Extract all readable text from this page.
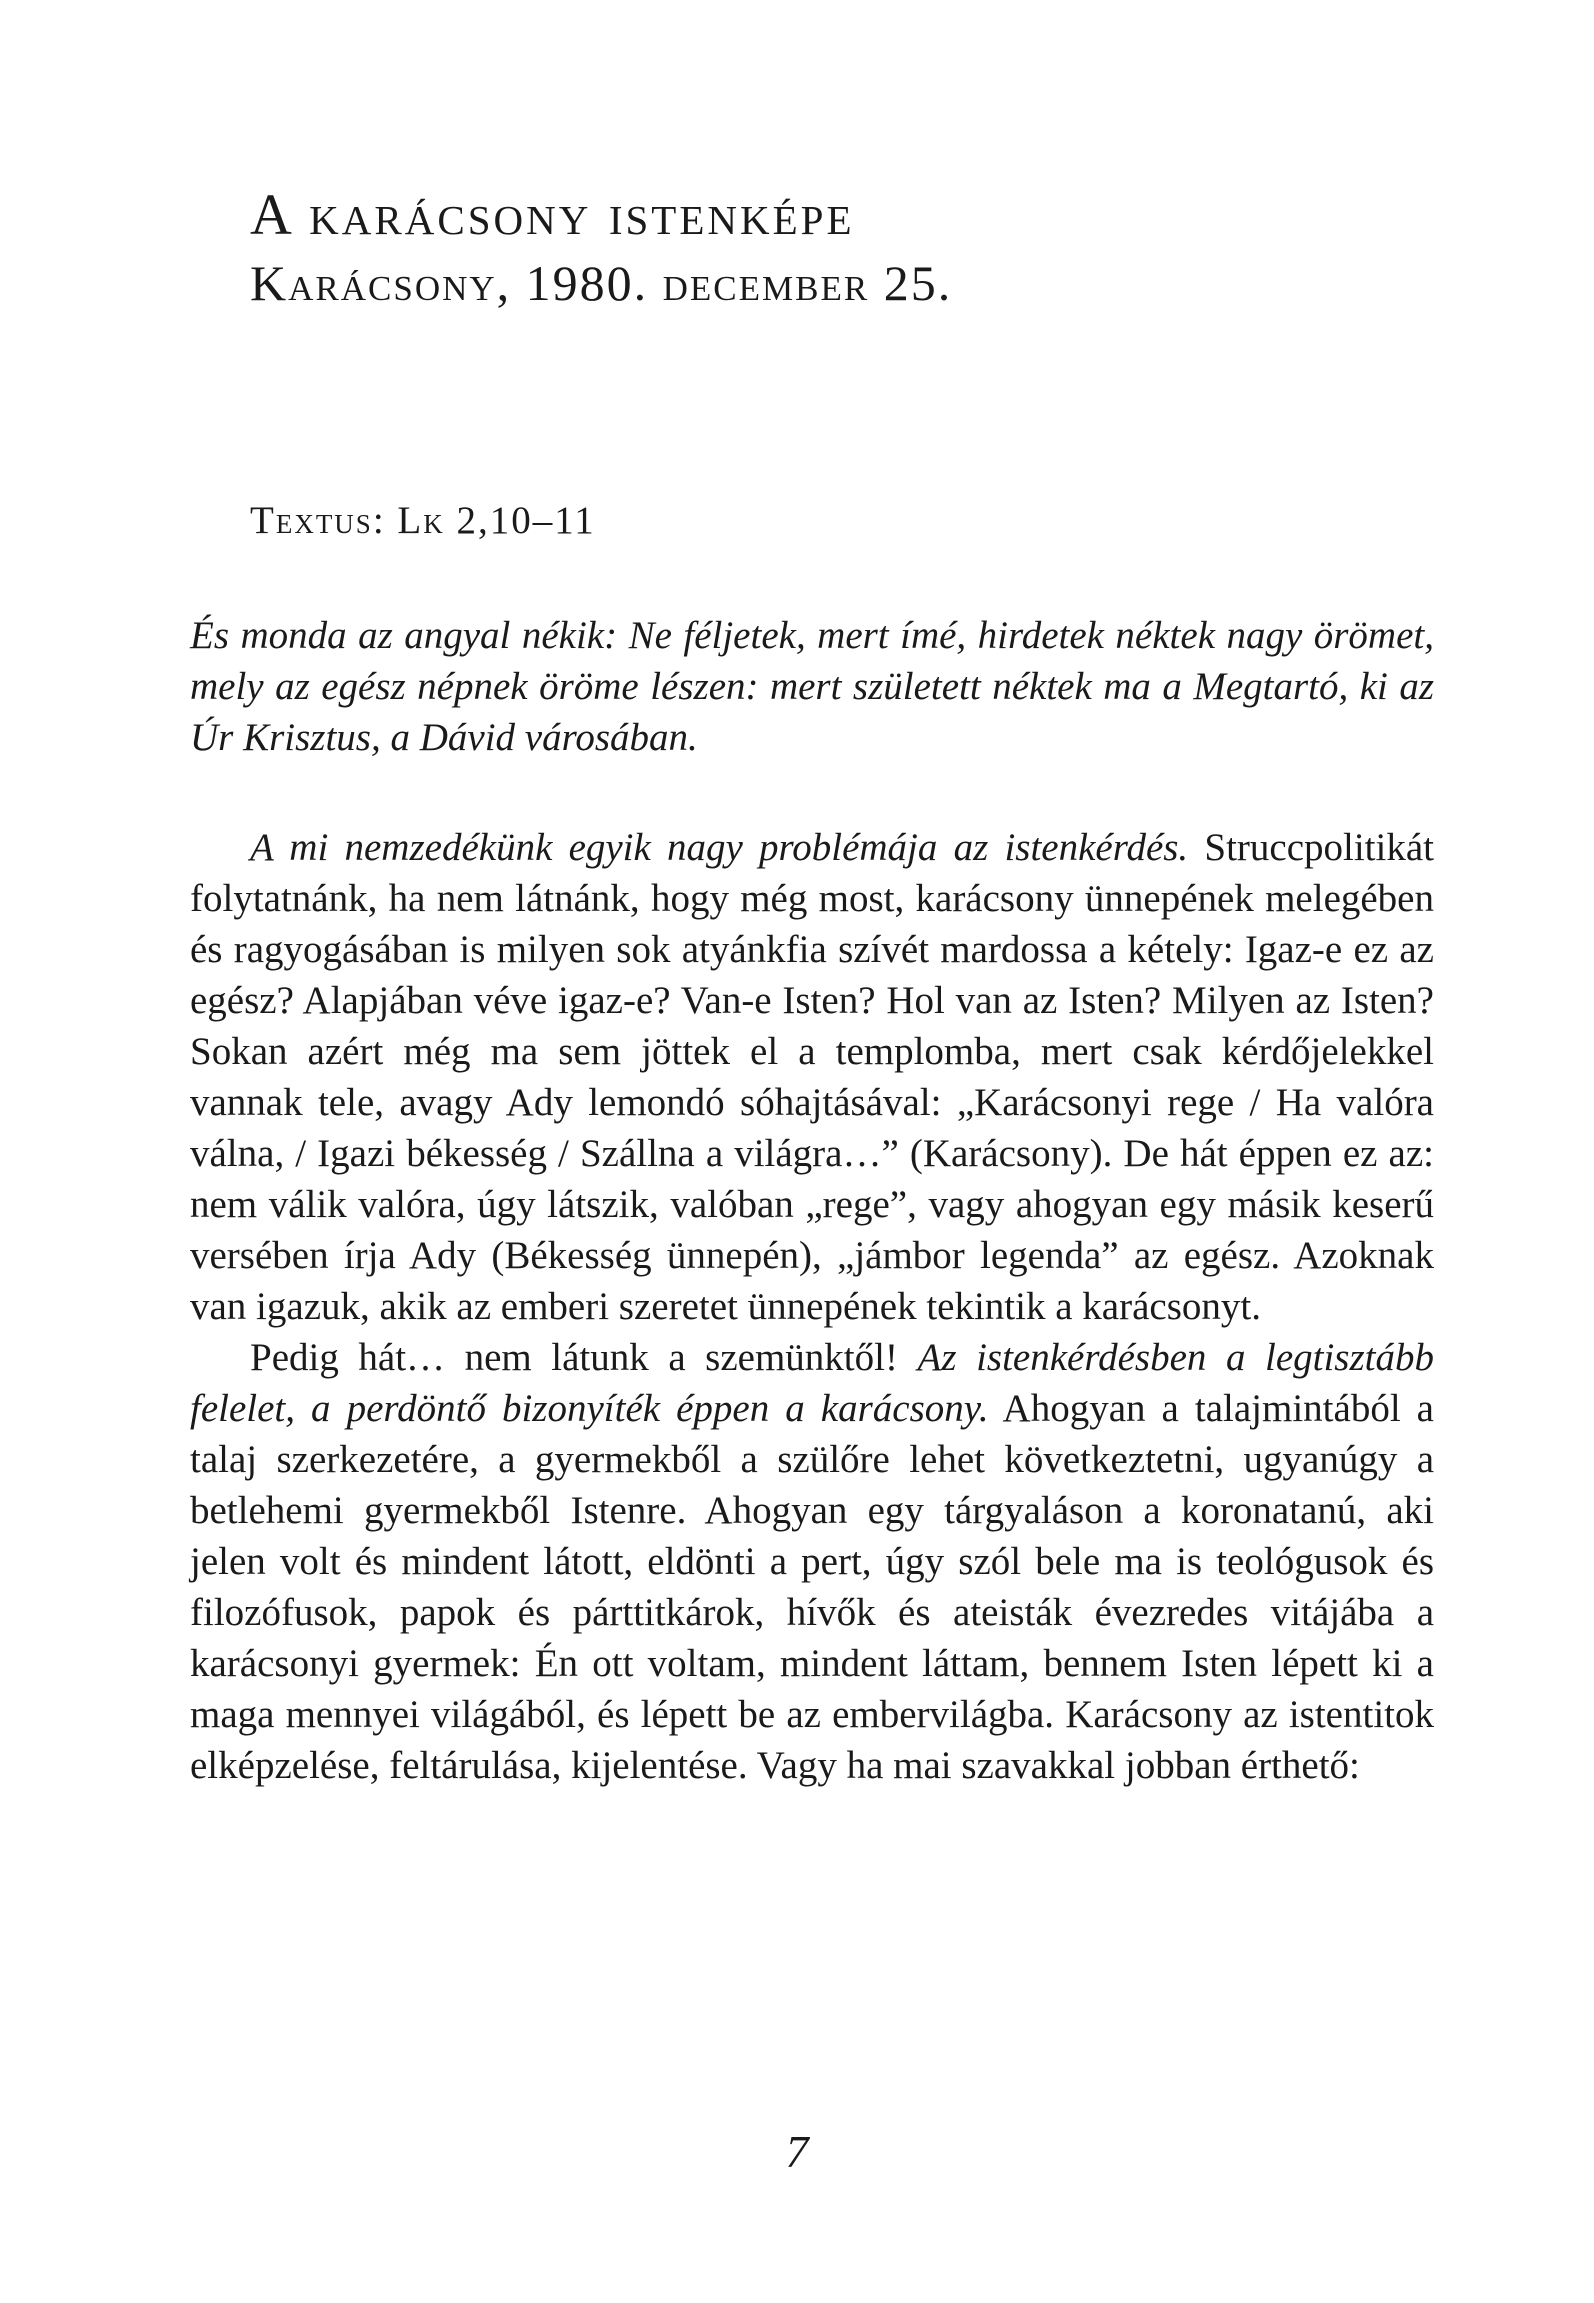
A karácsony istenképe
Karácsony, 1980. december 25.
Textus: Lk 2,10–11
És monda az angyal nékik: Ne féljetek, mert ímé, hirdetek néktek nagy örömet, mely az egész népnek öröme lészen: mert született néktek ma a Megtartó, ki az Úr Krisztus, a Dávid városában.

A mi nemzedékünk egyik nagy problémája az istenkérdés. Struccpolitikát folytatnánk, ha nem látnánk, hogy még most, karácsony ünnepének melegében és ragyogásában is milyen sok atyánkfia szívét mardossa a kétely: Igaz-e ez az egész? Alapjában véve igaz-e? Van-e Isten? Hol van az Isten? Milyen az Isten? Sokan azért még ma sem jöttek el a templomba, mert csak kérdőjelekkel vannak tele, avagy Ady lemondó sóhajtásával: „Karácsonyi rege / Ha valóra válna, / Igazi békesség / Szállna a világra…” (Karácsony). De hát éppen ez az: nem válik valóra, úgy látszik, valóban „rege”, vagy ahogyan egy másik keserű versében írja Ady (Békesség ünnepén), „jámbor legenda” az egész. Azoknak van igazuk, akik az emberi szeretet ünnepének tekintik a karácsonyt.

Pedig hát… nem látunk a szemünktől! Az istenkérdésben a legtisztább felelet, a perdöntő bizonyíték éppen a karácsony. Ahogyan a talajmintából a talaj szerkezetére, a gyermekből a szülőre lehet következtetni, ugyanúgy a betlehemi gyermekből Istenre. Ahogyan egy tárgyaláson a koronatanú, aki jelen volt és mindent látott, eldönti a pert, úgy szól bele ma is teológusok és filozófusok, papok és párttitkárok, hívők és ateisták évezredes vitájába a karácsonyi gyermek: Én ott voltam, mindent láttam, bennem Isten lépett ki a maga mennyei világából, és lépett be az embervilágba. Karácsony az istentitok elképzelése, feltárulása, kijelentése. Vagy ha mai szavakkal jobban érthető:

7
